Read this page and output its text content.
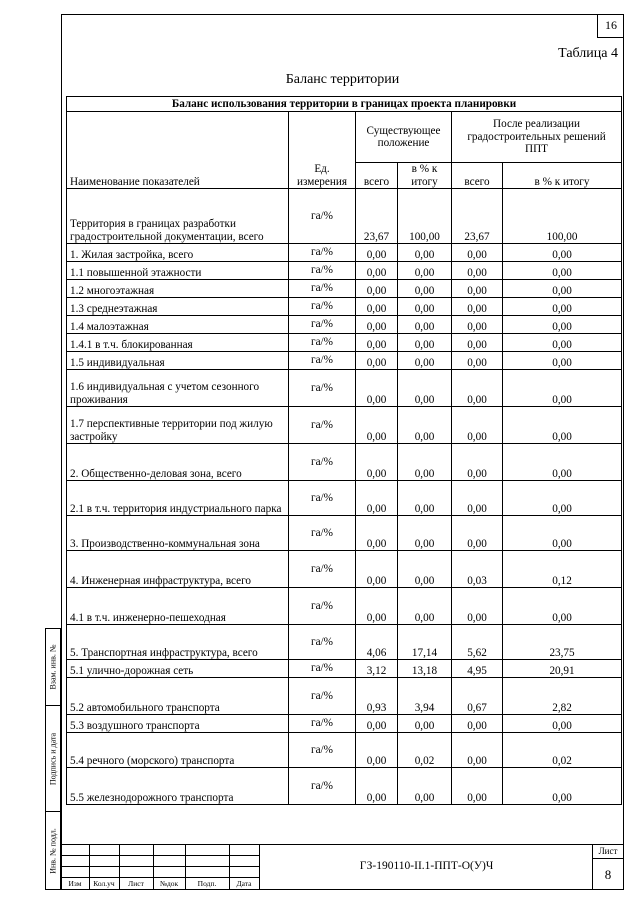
16
Таблица 4
Баланс территории
Баланс использования территории в границах проекта планировки					
Наименование показателей	Ед. измерения	Существующее положение		После реализации градостроительных решений ППТ	
		всего	в % к итогу	всего	в % к итогу
Территория в границах разработки градостроительной документации, всего	га/%	23,67	100,00	23,67	100,00
1. Жилая застройка, всего	га/%	0,00	0,00	0,00	0,00
1.1 повышенной этажности	га/%	0,00	0,00	0,00	0,00
1.2 многоэтажная	га/%	0,00	0,00	0,00	0,00
1.3 среднеэтажная	га/%	0,00	0,00	0,00	0,00
1.4 малоэтажная	га/%	0,00	0,00	0,00	0,00
1.4.1 в т.ч. блокированная	га/%	0,00	0,00	0,00	0,00
1.5 индивидуальная	га/%	0,00	0,00	0,00	0,00
1.6 индивидуальная с учетом сезонного проживания	га/%	0,00	0,00	0,00	0,00
1.7 перспективные территории под жилую застройку	га/%	0,00	0,00	0,00	0,00
2. Общественно-деловая зона, всего	га/%	0,00	0,00	0,00	0,00
2.1 в т.ч. территория индустриального парка	га/%	0,00	0,00	0,00	0,00
3. Производственно-коммунальная зона	га/%	0,00	0,00	0,00	0,00
4. Инженерная инфраструктура, всего	га/%	0,00	0,00	0,03	0,12
4.1 в т.ч. инженерно-пешеходная	га/%	0,00	0,00	0,00	0,00
5. Транспортная инфраструктура, всего	га/%	4,06	17,14	5,62	23,75
5.1 улично-дорожная сеть	га/%	3,12	13,18	4,95	20,91
5.2 автомобильного транспорта	га/%	0,93	3,94	0,67	2,82
5.3 воздушного транспорта	га/%	0,00	0,00	0,00	0,00
5.4 речного (морского) транспорта	га/%	0,00	0,02	0,00	0,02
5.5 железнодорожного транспорта	га/%	0,00	0,00	0,00	0,00
Взам. инв. №
Подпись и дата
Инв. № подл.
Изм	Кол.уч	Лист	№док	Подп.	Дата
ГЗ-190110-II.1-ППТ-О(У)Ч
Лист
8
